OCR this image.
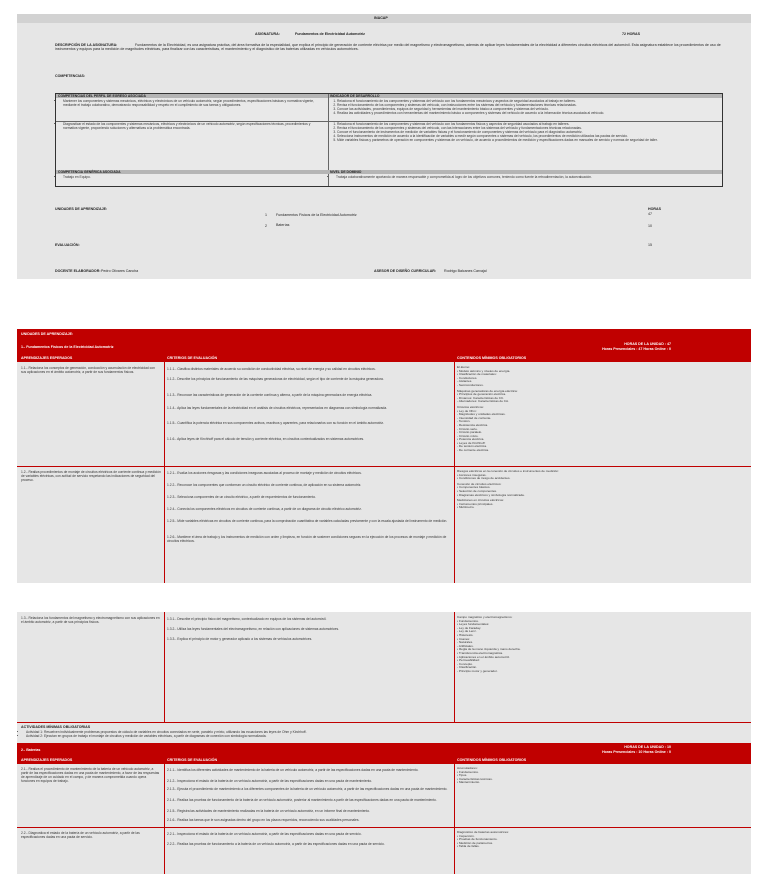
INACAP
ASIGNATURA:	Fundamentos de Electricidad Automotriz	72 HORAS
DESCRIPCIÓN DE LA ASIGNATURA:	Fundamentos de la Electricidad, es una asignatura práctica, del área formativa de la especialidad, que explica el principio de generación de corriente eléctrica por medio del magnetismo y electromagnetismo, además de aplicar leyes fundamentales de la electricidad a diferentes circuitos eléctricos del automóvil. Esta asignatura establece los procedimientos de uso de instrumentos y equipos para la medición de magnitudes eléctricas, para finalizar con las características, el mantenimiento y el diagnóstico de las baterías utilizadas en vehículos automotrices.
COMPETENCIAS:
COMPETENCIAS DEL PERFIL DE EGRESO ASOCIADA	INDICADOR DE DESARROLLO
• Mantener los componentes y sistemas mecánicos, eléctricos y electrónicos de un vehículo automotriz, según procedimientos, especificaciones básicas y normativa vigente, mediante el trabajo colaborativo, demostrando responsabilidad y respeto en el cumplimiento de sus tareas y obligaciones.
1. Relaciona el funcionamiento de los componentes y sistemas del vehículo con los fundamentos mecánicos y aspectos de seguridad asociados al trabajo en talleres.
2. Revisa el funcionamiento de los componentes y sistemas del vehículo, con instrucciones entre los sistemas del vehículo y fundamentaciones técnicas relacionadas.
3. Conoce las actividades, procedimientos, equipos de seguridad y herramientas del mantenimiento básico a componentes y sistemas del vehículo.
4. Realiza las actividades y procedimientos con herramientas del mantenimiento básico a componentes y sistemas del vehículo de acuerdo a la información técnica asociada al vehículo.
• Diagnosticar el estado de los componentes y sistemas mecánicos, eléctricos y electrónicos de un vehículo automotriz, según especificaciones técnicas, procedimientos y normativa vigente, proponiendo soluciones y alternativas a la problemática encontrada.
1. Relaciona el funcionamiento de los componentes y sistemas del vehículo con los fundamentos físicos y aspectos de seguridad asociados al trabajo en talleres.
2. Revisa el funcionamiento de los componentes y sistemas del vehículo, con las interacciones entre los sistemas del vehículo y fundamentaciones técnicas relacionadas.
3. Conoce el funcionamiento de instrumentos de medición de variables físicas y el funcionamiento de componentes y sistemas del vehículo para el diagnóstico automotriz.
4. Selecciona instrumentos de medición de acuerdo a la identificación de variables a medir según componentes o sistemas del vehículo, los procedimientos de medición utilizados las pautas de servicio.
5. Mide variables físicas y parámetros de operación en componentes y sistemas de un vehículo, de acuerdo a procedimientos de medición y especificaciones dadas en manuales de servicio y normas de seguridad de taller.
COMPETENCIA GENÉRICA ASOCIADA	NIVEL DE DOMINIO
• Trabajo en Equipo.
•	Trabaja colaborativamente aportando de manera responsable y comprometida al logro de los objetivos comunes, teniendo como fuente la retroalimentación, la autoevaluación.
UNIDADES DE APRENDIZAJE:	HORAS
1	Fundamentos Físicos de la Electricidad Automotriz	47
2	Baterías	10
EVALUACIÓN:	15
DOCENTE ELABORADOR: Pedro Olivares Cancha	ASESOR DE DISEÑO CURRICULAR: Rodrigo Balcanes Carvajal
UNIDADES DE APRENDIZAJE:
1.- Fundamentos Físicos de la Electricidad Automotriz
HORAS DE LA UNIDAD : 47
Horas Presenciales : 47 Horas Online : 0
APRENDIZAJES ESPERADOS	CRITERIOS DE EVALUACIÓN	CONTENIDOS MÍNIMOS OBLIGATORIOS
1.1.- Relaciona los conceptos de generación, conducción y acumulación de electricidad con sus aplicaciones en el ámbito automotriz, a partir de sus fundamentos físicos.
1.1.1.- Clasifica distintos materiales de acuerdo su condición de conductividad eléctrica, su nivel de energía y su calidad en circuitos eléctricos.
1.1.2.- Describe los principios de funcionamiento de las máquinas generadoras de electricidad, según el tipo de corriente de la máquina generadora.
1.1.3.- Reconoce las características de generación de la corriente continua y alterna, a partir de la máquina generadora de energía eléctrica.
1.1.4.- Aplica las leyes fundamentales de la electricidad en el análisis de circuitos eléctricos, representados en diagramas con simbología normalizada.
1.1.5.- Cuantifica la potencia eléctrica en sus componentes activos, reactivos y aparentes, para relacionarlos con su función en el ámbito automotriz.
1.1.6.- Aplica leyes de Kirchhoff para el cálculo de tensión y corriente eléctrica, en circuitos contextualizados en sistemas automotrices.
El átomo:
• Modelo atómico y niveles de energía.
• Clasificación de materiales:
- Conductores.
- Aislantes.
- Semiconductores.
Máquinas generadoras de energía eléctrica:
• Principios de generación eléctrica.
- Dínamos: Características de CC.
- Alternadores: Características de CA.
Circuitos eléctricos:
• Ley de Ohm:
- Magnitudes y unidades eléctricas.
- Intensidad de corriente.
- Tensión.
- Resistencia eléctrica.
- Circuito serie.
- Circuito paralelo.
- Circuito mixto.
• Potencia eléctrica.
• Leyes de Kirchhoff:
- De tensión eléctrica.
- De corriente eléctrica.
1.2.- Realiza procedimientos de montaje de circuitos eléctricos de corriente continua y medición de variables eléctricas, con actitud de servicio respetando las indicaciones de seguridad del proceso.
1.2.1.- Evalúa los acciones riesgosas y las condiciones inseguras asociadas al proceso de montaje y medición de circuitos eléctricos.
1.2.2.- Reconoce los componentes que conforman un circuito eléctrico de corriente continua, de aplicación en su sistema automotriz.
1.2.3.- Selecciona componentes de un circuito eléctrico, a partir de requerimientos de funcionamiento.
1.2.4.- Conecta los componentes eléctricos en circuitos de corriente continua, a partir de un diagrama de circuito eléctrico automotriz.
1.2.5.- Mide variables eléctricas en circuitos de corriente continua, para la comprobación cuantitativa de variables calculadas previamente y con la escala ajustada del instrumento de medición.
1.2.6.- Mantiene el área de trabajo y los instrumentos de medición con orden y limpieza, en función de sostener condiciones seguras en la ejecución de los procesos de montaje y medición de circuitos eléctricos.
Riesgos eléctricos en la conexión de circuitos e instrumentos de medición:
• Acciones inseguras.
• Condiciones de riesgo de accidentes.
Conexión de circuitos eléctricos:
• Componentes básicos.
• Selección de componentes.
• Diagramas eléctricos y simbología normalizada.
Mediciones en circuitos eléctricos:
• Instrumentos principales.
• Multímetro.
1.3.- Relaciona los fundamentos del magnetismo y electromagnetismo con sus aplicaciones en el ámbito automotriz, a partir de sus principios físicos.
1.3.1.- Describe el principio físico del magnetismo, contextualizado en equipos de los sistemas del automóvil.
1.3.2.- Utiliza las leyes fundamentales del electromagnetismo, en relación con aplicaciones de sistemas automotrices.
1.3.3.- Explica el principio de motor y generador aplicado a los sistemas de vehículos automotrices.
Campo magnético y electromagnetismo:
• Fundamentos.
• Leyes fundamentales:
- Ley de Faraday.
- Ley de Lenz.
• Histéresis.
• Imanes:
- Naturales.
- Artificiales.
• Regla de la mano izquierda y mano derecha.
• Transferencia electromagnética.
• Aplicaciones en el ámbito automotriz.
• Permeabilidad:
- Concepto.
- Clasificación.
- Principio motor y generador.
ACTIVIDADES MÍNIMAS OBLIGATORIAS
• Actividad 1: Resuelven individualmente problemas propuestos de cálculo de variables en circuitos conectados en serie, paralelo y mixto, utilizando las ecuaciones las leyes de Ohm y Kirchhoff.
• Actividad 2: Ejecutan en grupos de trabajo el montaje de circuitos y medición de variables eléctricas, a partir de diagramas de conexión con simbología normalizada.
2.- Baterías
HORAS DE LA UNIDAD : 10
Horas Presenciales : 10 Horas Online : 0
APRENDIZAJES ESPERADOS	CRITERIOS DE EVALUACIÓN	CONTENIDOS MÍNIMOS OBLIGATORIOS
2.1.- Realiza el procedimiento de mantenimiento de la batería de un vehículo automotriz, a partir de las especificaciones dadas en una pauta de mantenimiento, a favor de las respuestas de aprendizaje de un cuidado en el campo, y de manera comprometida cuando opera funciones en equipos de trabajo.
2.1.1.- Identifica los diferentes actividades de mantenimiento de la batería de un vehículo automotriz, a partir de las especificaciones dadas en una pauta de mantenimiento.
2.1.2.- Inspecciona el estado de la batería de un vehículo automotriz, a partir de las especificaciones dadas en una pauta de mantenimiento.
2.1.3.- Ejecuta el procedimiento de mantenimiento a los diferentes componentes de la batería de un vehículo automotriz, a partir de las especificaciones dadas en una pauta de mantenimiento.
2.1.4.- Realiza las pruebas de funcionamiento de la batería de un vehículo automotriz, posterior al mantenimiento a partir de las especificaciones dadas en una pauta de mantenimiento.
2.1.5.- Registra las actividades de mantenimiento realizadas en la batería de un vehículo automotriz, en un informe final de mantenimiento.
2.1.6.- Realiza las tareas que le son asignadas dentro del grupo en los plazos requeridos, reconociendo sus cualidades personales.
Acumuladores:
• Fundamentos.
• Tipos.
• Características técnicas.
• Mantenimiento.
2.2.- Diagnostica el estado de la batería de un vehículo automotriz, a partir de las especificaciones dadas en una pauta de servicio.
2.2.1.- Inspecciona el estado de la batería de un vehículo automotriz, a partir de las especificaciones dadas en una pauta de servicio.
2.2.2.- Realiza las pruebas de funcionamiento a la batería de un vehículo automotriz, a partir de las especificaciones dadas en una pauta de servicio.
Diagnóstico de baterías automotrices:
• Inspección.
• Pruebas de funcionamiento.
• Medición de parámetros.
• Tabla de fallas.
